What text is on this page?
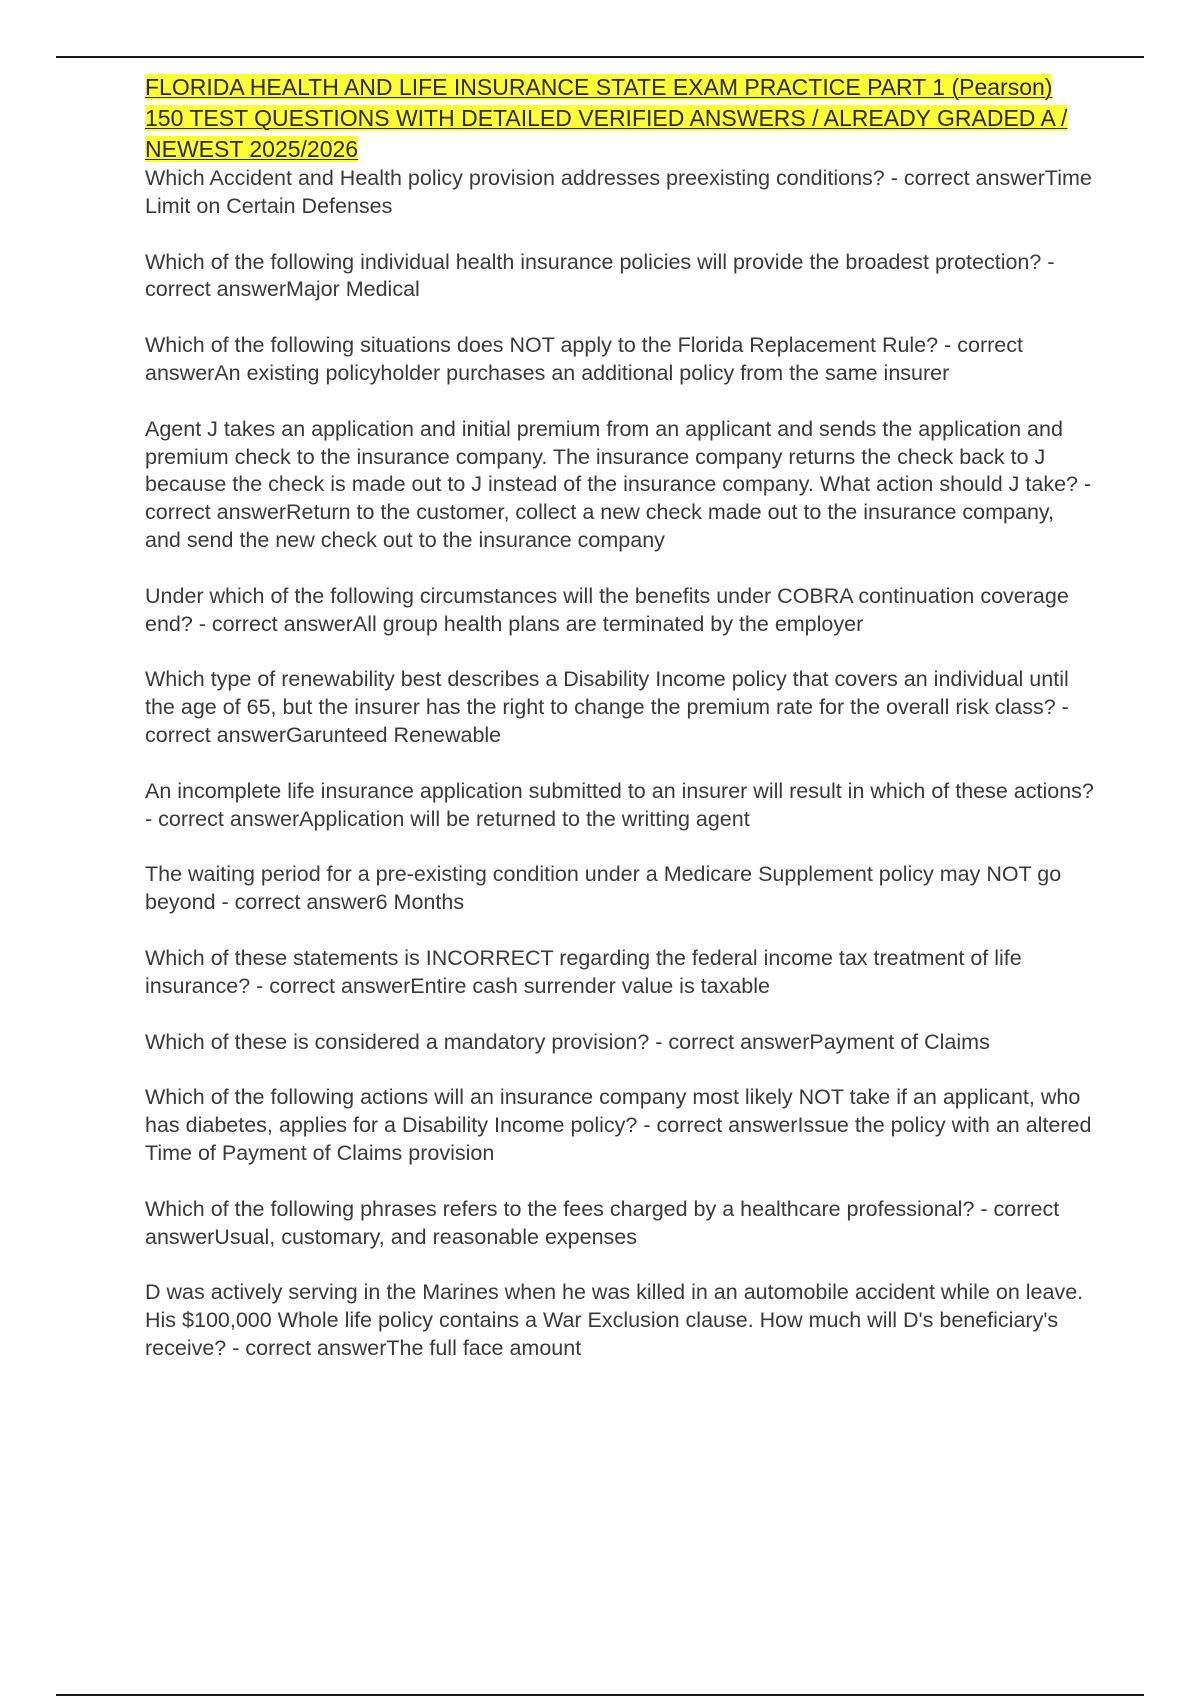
FLORIDA HEALTH AND LIFE INSURANCE STATE EXAM PRACTICE PART 1 (Pearson) 150 TEST QUESTIONS WITH DETAILED VERIFIED ANSWERS / ALREADY GRADED A / NEWEST 2025/2026

Which Accident and Health policy provision addresses preexisting conditions? - correct answerTime Limit on Certain Defenses

Which of the following individual health insurance policies will provide the broadest protection? - correct answerMajor Medical

Which of the following situations does NOT apply to the Florida Replacement Rule? - correct answerAn existing policyholder purchases an additional policy from the same insurer

Agent J takes an application and initial premium from an applicant and sends the application and premium check to the insurance company. The insurance company returns the check back to J because the check is made out to J instead of the insurance company. What action should J take? - correct answerReturn to the customer, collect a new check made out to the insurance company, and send the new check out to the insurance company

Under which of the following circumstances will the benefits under COBRA continuation coverage end? - correct answerAll group health plans are terminated by the employer

Which type of renewability best describes a Disability Income policy that covers an individual until the age of 65, but the insurer has the right to change the premium rate for the overall risk class? - correct answerGarunteed Renewable

An incomplete life insurance application submitted to an insurer will result in which of these actions? - correct answerApplication will be returned to the writting agent

The waiting period for a pre-existing condition under a Medicare Supplement policy may NOT go beyond - correct answer6 Months

Which of these statements is INCORRECT regarding the federal income tax treatment of life insurance? - correct answerEntire cash surrender value is taxable

Which of these is considered a mandatory provision? - correct answerPayment of Claims

Which of the following actions will an insurance company most likely NOT take if an applicant, who has diabetes, applies for a Disability Income policy? - correct answerIssue the policy with an altered Time of Payment of Claims provision

Which of the following phrases refers to the fees charged by a healthcare professional? - correct answerUsual, customary, and reasonable expenses

D was actively serving in the Marines when he was killed in an automobile accident while on leave. His $100,000 Whole life policy contains a War Exclusion clause. How much will D's beneficiary's receive? - correct answerThe full face amount
